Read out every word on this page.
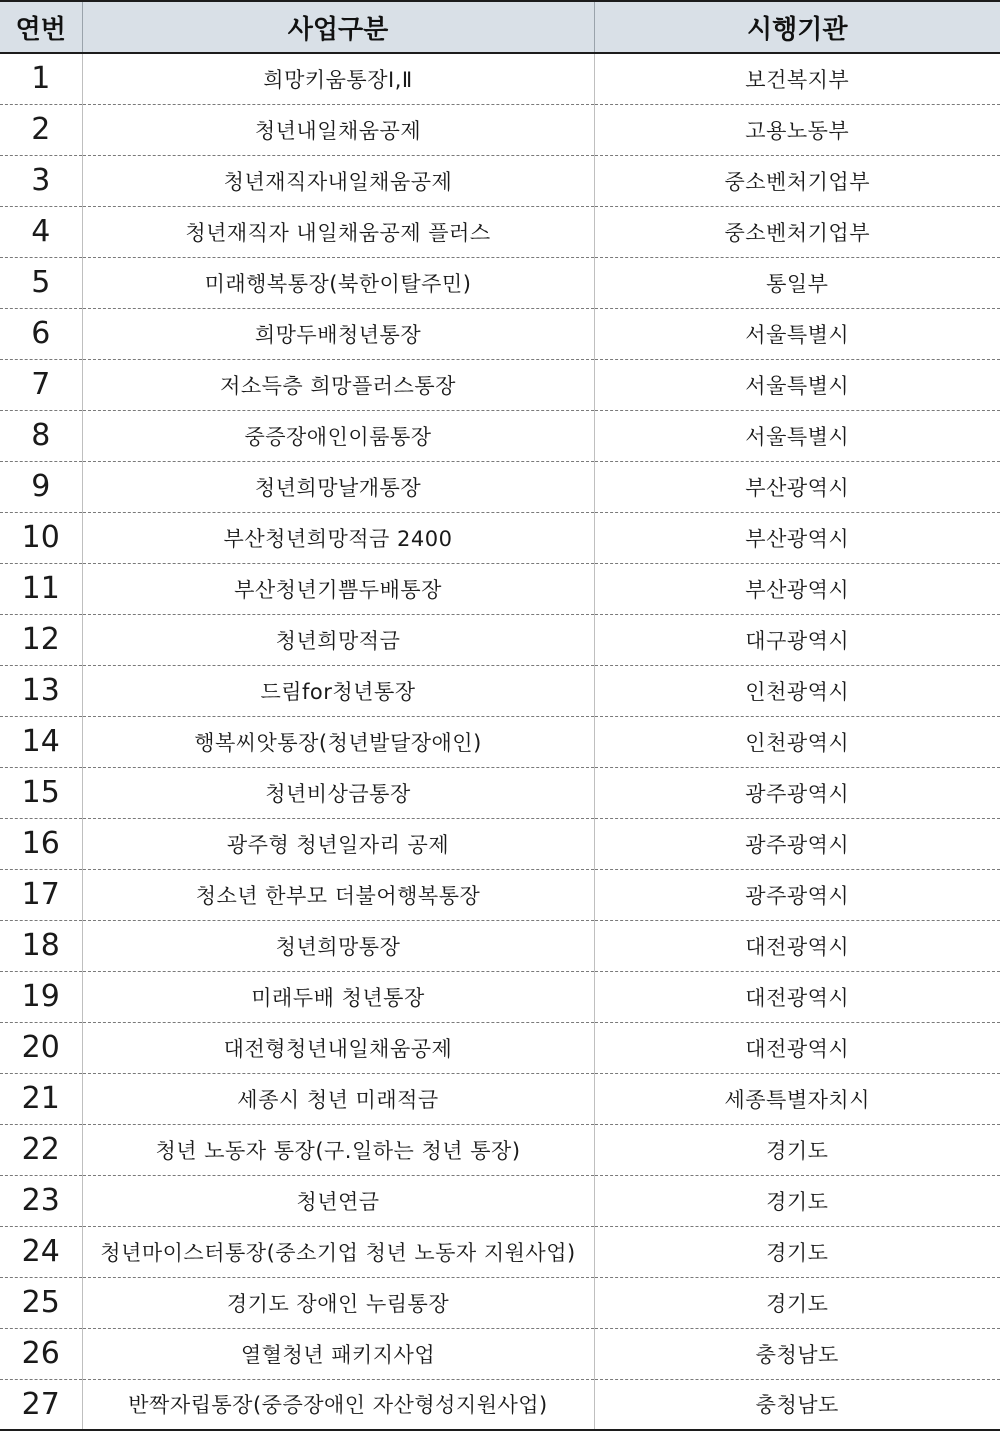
연번	사업구분	시행기관
1	희망키움통장Ⅰ,Ⅱ	보건복지부
2	청년내일채움공제	고용노동부
3	청년재직자내일채움공제	중소벤처기업부
4	청년재직자 내일채움공제 플러스	중소벤처기업부
5	미래행복통장(북한이탈주민)	통일부
6	희망두배청년통장	서울특별시
7	저소득층 희망플러스통장	서울특별시
8	중증장애인이룸통장	서울특별시
9	청년희망날개통장	부산광역시
10	부산청년희망적금 2400	부산광역시
11	부산청년기쁨두배통장	부산광역시
12	청년희망적금	대구광역시
13	드림for청년통장	인천광역시
14	행복씨앗통장(청년발달장애인)	인천광역시
15	청년비상금통장	광주광역시
16	광주형 청년일자리 공제	광주광역시
17	청소년 한부모 더불어행복통장	광주광역시
18	청년희망통장	대전광역시
19	미래두배 청년통장	대전광역시
20	대전형청년내일채움공제	대전광역시
21	세종시 청년 미래적금	세종특별자치시
22	청년 노동자 통장(구.일하는 청년 통장)	경기도
23	청년연금	경기도
24	청년마이스터통장(중소기업 청년 노동자 지원사업)	경기도
25	경기도 장애인 누림통장	경기도
26	열혈청년 패키지사업	충청남도
27	반짝자립통장(중증장애인 자산형성지원사업)	충청남도
